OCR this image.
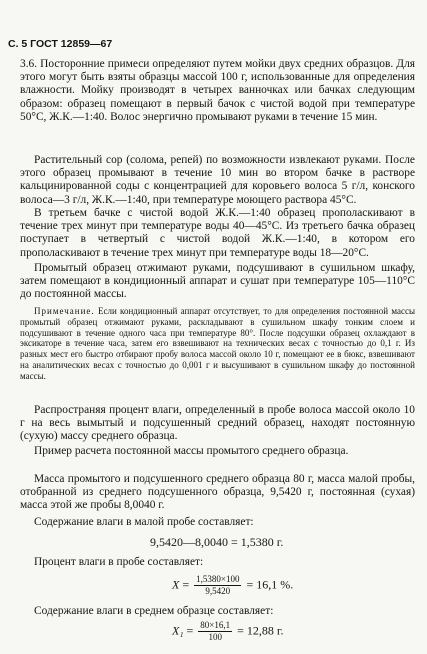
С. 5 ГОСТ 12859—67

3.6. Посторонние примеси определяют путем мойки двух средних образцов. Для этого могут быть взяты образцы массой 100 г, использованные для определения влажности. Мойку производят в четырех ванночках или бачках следующим образом: образец помещают в первый бачок с чистой водой при температуре 50°С, Ж.К.—1:40. Волос энергично промывают руками в течение 15 мин.

Растительный сор (солома, репей) по возможности извлекают руками. После этого образец промывают в течение 10 мин во втором бачке в растворе кальцинированной соды с концентрацией для коровьего волоса 5 г/л, конского волоса—3 г/л, Ж.К.—1:40, при температуре моющего раствора 45°С.

В третьем бачке с чистой водой Ж.К.—1:40 образец прополаскивают в течение трех минут при температуре воды 40—45°С. Из третьего бачка образец поступает в четвертый с чистой водой Ж.К.—1:40, в котором его прополаскивают в течение трех минут при температуре воды 18—20°С.

Промытый образец отжимают руками, подсушивают в сушильном шкафу, затем помещают в кондиционный аппарат и сушат при температуре 105—110°С до постоянной массы.

Примечание. Если кондиционный аппарат отсутствует, то для определения постоянной массы промытый образец отжимают руками, раскладывают в сушильном шкафу тонким слоем и подсушивают в течение одного часа при температуре 80°. После подсушки образец охлаждают в эксикаторе в течение часа, затем его взвешивают на технических весах с точностью до 0,1 г. Из разных мест его быстро отбирают пробу волоса массой около 10 г, помещают ее в бюкс, взвешивают на аналитических весах с точностью до 0,001 г и высушивают в сушильном шкафу до постоянной массы.

Распространяя процент влаги, определенный в пробе волоса массой около 10 г на весь вымытый и подсушенный средний образец, находят постоянную (сухую) массу среднего образца.

Пример расчета постоянной массы промытого среднего образца.

Масса промытого и подсушенного среднего образца 80 г, масса малой пробы, отобранной из среднего подсушенного образца, 9,5420 г, постоянная (сухая) масса этой же пробы 8,0040 г.

Содержание влаги в малой пробе составляет:

9,5420—8,0040 = 1,5380 г.

Процент влаги в пробе составляет:

$X = \frac{1,5380\times 100}{9,5420} = 16,1$ %.

Содержание влаги в среднем образце составляет:

$X_1 = \frac{80\times 16,1}{100} = 12,88$ г.
